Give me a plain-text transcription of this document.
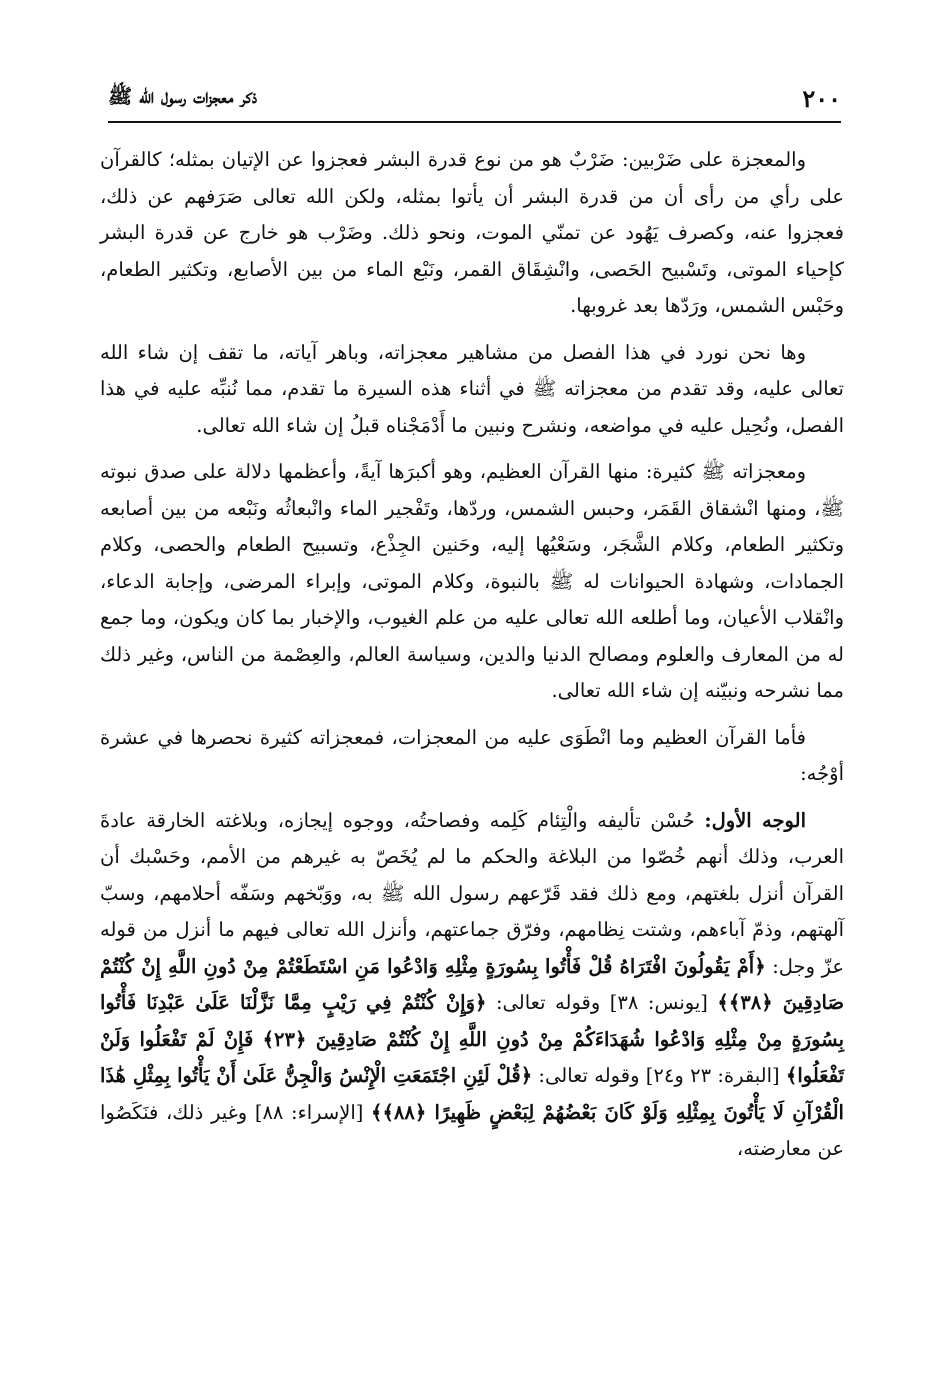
٢٠٠
ذكر معجزات رسول الله ﷺ

والمعجزة على ضَرْبين: ضَرْبٌ هو من نوع قدرة البشر فعجزوا عن الإتيان بمثله؛ كالقرآن على رأي من رأى أن من قدرة البشر أن يأتوا بمثله، ولكن الله تعالى صَرَفهم عن ذلك، فعجزوا عنه، وكصرف يَهُود عن تمنّي الموت، ونحو ذلك. وضَرْب هو خارج عن قدرة البشر كإحياء الموتى، وتَسْبيح الحَصى، وانْشِقَاق القمر، ونَبْع الماء من بين الأصابع، وتكثير الطعام، وحَبْس الشمس، ورَدّها بعد غروبها.

وها نحن نورد في هذا الفصل من مشاهير معجزاته، وباهر آياته، ما تقف إن شاء الله تعالى عليه، وقد تقدم من معجزاته ﷺ في أثناء هذه السيرة ما تقدم، مما نُنبِّه عليه في هذا الفصل، ونُحِيل عليه في مواضعه، ونشرح ونبين ما أَدْمَجْناه قبلُ إن شاء الله تعالى.

ومعجزاته ﷺ كثيرة: منها القرآن العظيم، وهو أكبرَها آيةً، وأعظمها دلالة على صدق نبوته ﷺ، ومنها انْشقاق القَمَر، وحبس الشمس، وردّها، وتَفْجير الماء وانْبعاثُه ونَبْعه من بين أصابعه وتكثير الطعام، وكلام الشَّجَر، وسَعْيُها إليه، وحَنين الجِذْع، وتسبيح الطعام والحصى، وكلام الجمادات، وشهادة الحيوانات له ﷺ بالنبوة، وكلام الموتى، وإبراء المرضى، وإجابة الدعاء، وانْقلاب الأعيان، وما أطلعه الله تعالى عليه من علم الغيوب، والإخبار بما كان ويكون، وما جمع له من المعارف والعلوم ومصالح الدنيا والدين، وسياسة العالم، والعِصْمة من الناس، وغير ذلك مما نشرحه ونبيّنه إن شاء الله تعالى.

فأما القرآن العظيم وما انْطَوَى عليه من المعجزات، فمعجزاته كثيرة نحصرها في عشرة أوْجُه:

الوجه الأول: حُسْن تأليفه والْتِئام كَلِمه وفصاحتُه، ووجوه إيجازه، وبلاغته الخارقة عادةَ العرب، وذلك أنهم خُصّوا من البلاغة والحكم ما لم يُخَصّ به غيرهم من الأمم، وحَسْبك أن القرآن أنزل بلغتهم، ومع ذلك فقد قَرّعهم رسول الله ﷺ به، ووَبّخهم وسَفّه أحلامهم، وسبّ آلهتهم، وذمّ آباءهم، وشتت نِظامهم، وفرّق جماعتهم، وأنزل الله تعالى فيهم ما أنزل من قوله عزّ وجل: ﴿أَمْ يَقُولُونَ افْتَرَاهُ قُلْ فَأْتُوا بِسُورَةٍ مِثْلِهِ وَادْعُوا مَنِ اسْتَطَعْتُمْ مِنْ دُونِ اللَّهِ إِنْ كُنْتُمْ صَادِقِينَ ﴿٣٨﴾﴾ [يونس: ٣٨] وقوله تعالى: ﴿وَإِنْ كُنْتُمْ فِي رَيْبٍ مِمَّا نَزَّلْنَا عَلَىٰ عَبْدِنَا فَأْتُوا بِسُورَةٍ مِنْ مِثْلِهِ وَادْعُوا شُهَدَاءَكُمْ مِنْ دُونِ اللَّهِ إِنْ كُنْتُمْ صَادِقِينَ ﴿٢٣﴾ فَإِنْ لَمْ تَفْعَلُوا وَلَنْ تَفْعَلُوا﴾ [البقرة: ٢٣ و٢٤] وقوله تعالى: ﴿قُلْ لَئِنِ اجْتَمَعَتِ الْإِنْسُ وَالْجِنُّ عَلَىٰ أَنْ يَأْتُوا بِمِثْلِ هَٰذَا الْقُرْآنِ لَا يَأْتُونَ بِمِثْلِهِ وَلَوْ كَانَ بَعْضُهُمْ لِبَعْضٍ ظَهِيرًا ﴿٨٨﴾﴾ [الإسراء: ٨٨] وغير ذلك، فنَكَصُوا عن معارضته،
